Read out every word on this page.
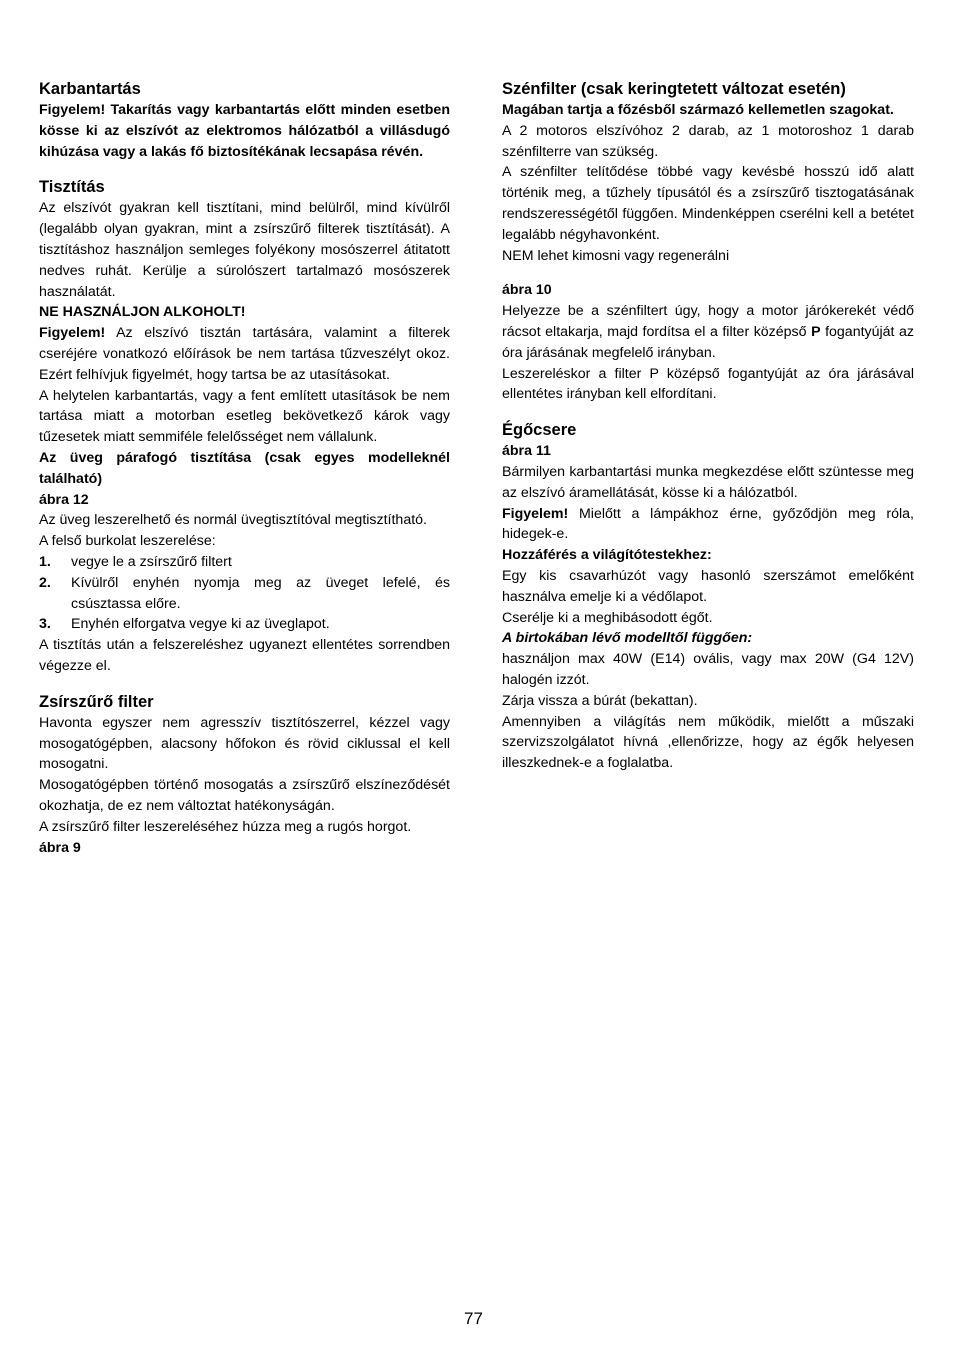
Karbantartás

Figyelem! Takarítás vagy karbantartás előtt minden esetben kösse ki az elszívót az elektromos hálózatból a villásdugó kihúzása vagy a lakás fő biztosítékának lecsapása révén.

Tisztítás

Az elszívót gyakran kell tisztítani, mind belülről, mind kívülről (legalább olyan gyakran, mint a zsírszűrő filterek tisztítását). A tisztításhoz használjon semleges folyékony mosószerrel átitatott nedves ruhát. Kerülje a súrolószert tartalmazó mosószerek használatát.

NE HASZNÁLJON ALKOHOLT!

Figyelem! Az elszívó tisztán tartására, valamint a filterek cseréjére vonatkozó előírások be nem tartása tűzveszélyt okoz. Ezért felhívjuk figyelmét, hogy tartsa be az utasításokat.

A helytelen karbantartás, vagy a fent említett utasítások be nem tartása miatt a motorban esetleg bekövetkező károk vagy tűzesetek miatt semmiféle felelősséget nem vállalunk.

Az üveg párafogó tisztítása (csak egyes modelleknél található)

ábra 12

Az üveg leszerelhető és normál üvegtisztítóval megtisztítható.

A felső burkolat leszerelése:

1.	vegye le a zsírszűrő filtert
2.	Kívülről enyhén nyomja meg az üveget lefelé, és csúsztassa előre.
3.	Enyhén elforgatva vegye ki az üveglapot.

A tisztítás után a felszereléshez ugyanezt ellentétes sorrendben végezze el.

Zsírszűrő filter

Havonta egyszer nem agresszív tisztítószerrel, kézzel vagy mosogatógépben, alacsony hőfokon és rövid ciklussal el kell mosogatni.

Mosogatógépben történő mosogatás a zsírszűrő elszíneződését okozhatja, de ez nem változtat hatékonyságán.

A zsírszűrő filter leszereléséhez húzza meg a rugós horgot.

ábra 9
Szénfilter (csak keringtetett változat esetén)

Magában tartja a főzésből származó kellemetlen szagokat.

A 2 motoros elszívóhoz 2 darab, az 1 motoroshoz 1 darab szénfilterre van szükség.

A szénfilter telítődése többé vagy kevésbé hosszú idő alatt történik meg, a tűzhely típusától és a zsírszűrő tisztogatásának rendszerességétől függően. Mindenképpen cserélni kell a betétet legalább négyhavonként.

NEM lehet kimosni vagy regenerálni

ábra 10

Helyezze be a szénfiltert úgy, hogy a motor járókerekét védő rácsot eltakarja, majd fordítsa el a filter középső P fogantyúját az óra járásának megfelelő irányban.

Leszereléskor a filter P középső fogantyúját az óra járásával ellentétes irányban kell elfordítani.

Égőcsere
ábra 11

Bármilyen karbantartási munka megkezdése előtt szüntesse meg az elszívó áramellátását, kösse ki a hálózatból.

Figyelem! Mielőtt a lámpákhoz érne, győződjön meg róla, hidegek-e.

Hozzáférés a világítótestekhez:

Egy kis csavarhúzót vagy hasonló szerszámot emelőként használva emelje ki a védőlapot.

Cserélje ki a meghibásodott égőt.

A birtokában lévő modelltől függően:

használjon max 40W (E14) ovális, vagy max 20W (G4 12V) halogén izzót.

Zárja vissza a búrát (bekattan).

Amennyiben a világítás nem működik, mielőtt a műszaki szervizszolgálatot hívná ,ellenőrizze, hogy az égők helyesen illeszkednek-e a foglalatba.

77
